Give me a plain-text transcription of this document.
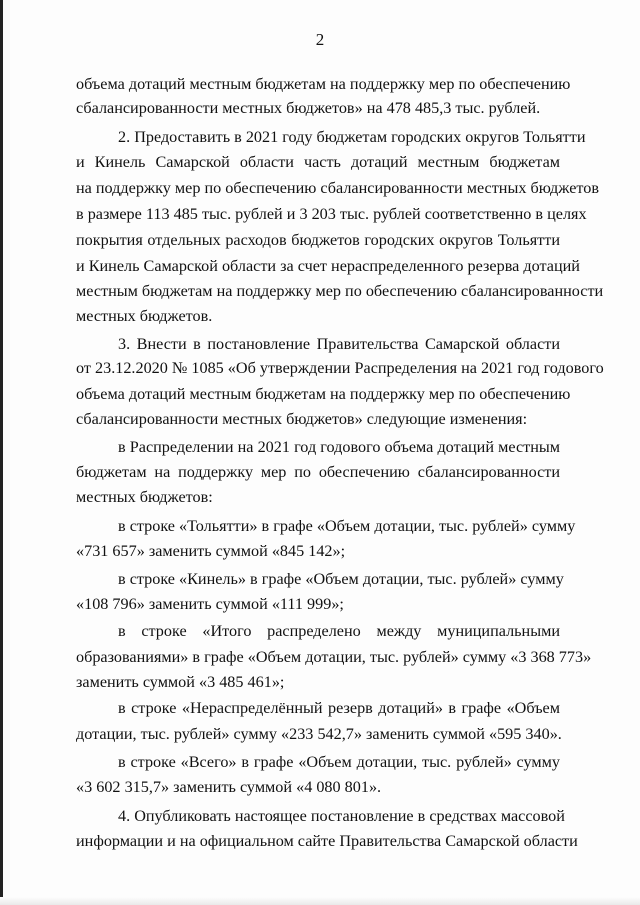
2
объема дотаций местным бюджетам на поддержку мер по обеспечению
сбалансированности местных бюджетов» на 478 485,3 тыс. рублей.
2. Предоставить в 2021 году бюджетам городских округов Тольятти
и Кинель Самарской области часть дотаций местным бюджетам
на поддержку мер по обеспечению сбалансированности местных бюджетов
в размере 113 485 тыс. рублей и 3 203 тыс. рублей соответственно в целях
покрытия отдельных расходов бюджетов городских округов Тольятти
и Кинель Самарской области за счет нераспределенного резерва дотаций
местным бюджетам на поддержку мер по обеспечению сбалансированности
местных бюджетов.
3. Внести в постановление Правительства Самарской области
от 23.12.2020 № 1085 «Об утверждении Распределения на 2021 год годового
объема дотаций местным бюджетам на поддержку мер по обеспечению
сбалансированности местных бюджетов» следующие изменения:
в Распределении на 2021 год годового объема дотаций местным
бюджетам на поддержку мер по обеспечению сбалансированности
местных бюджетов:
в строке «Тольятти» в графе «Объем дотации, тыс. рублей» сумму
«731 657» заменить суммой «845 142»;
в строке «Кинель» в графе «Объем дотации, тыс. рублей» сумму
«108 796» заменить суммой «111 999»;
в строке «Итого распределено между муниципальными
образованиями» в графе «Объем дотации, тыс. рублей» сумму «3 368 773»
заменить суммой «3 485 461»;
в строке «Нераспределённый резерв дотаций» в графе «Объем
дотации, тыс. рублей» сумму «233 542,7» заменить суммой «595 340».
в строке «Всего» в графе «Объем дотации, тыс. рублей» сумму
«3 602 315,7» заменить суммой «4 080 801».
4. Опубликовать настоящее постановление в средствах массовой
информации и на официальном сайте Правительства Самарской области
